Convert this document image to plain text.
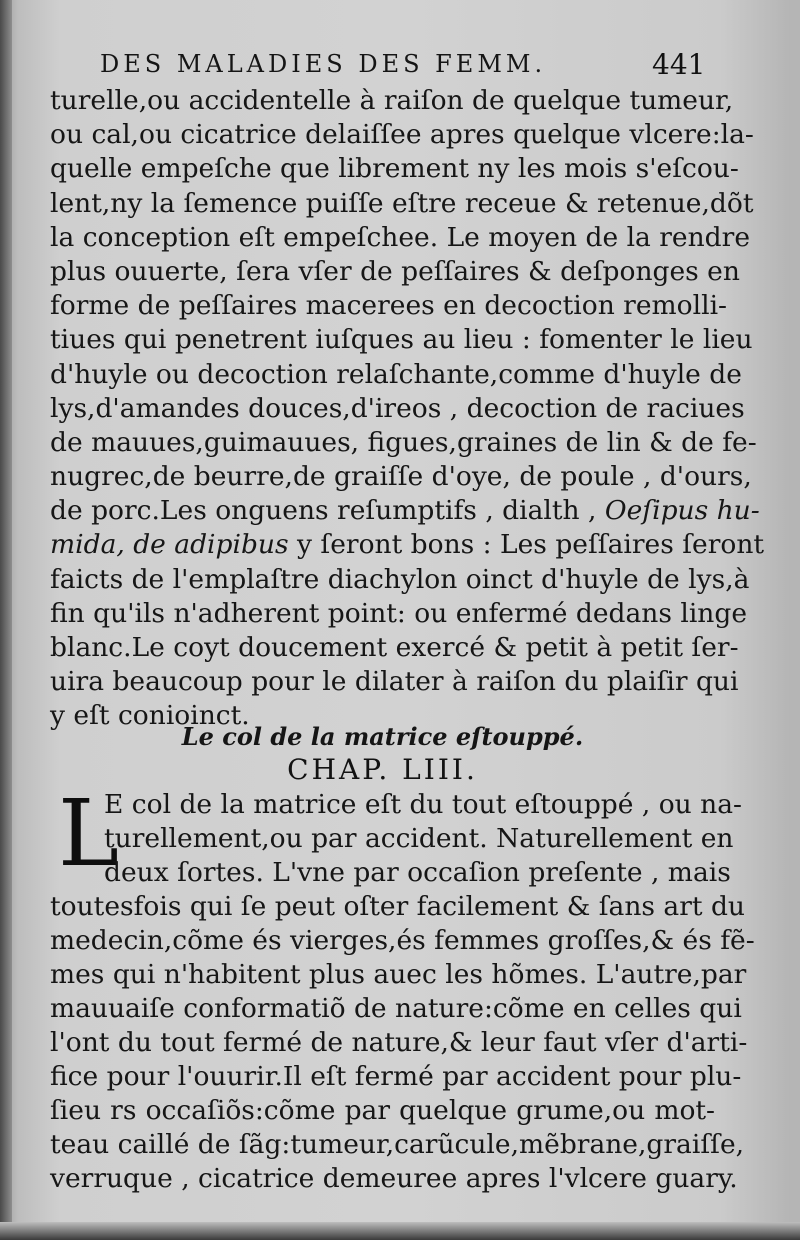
DES MALADIES DES FEMM.	441
turelle,ou accidentelle à raiſon de quelque tumeur,
ou cal,ou cicatrice delaiſſee apres quelque vlcere:la-
quelle empeſche que librement ny les mois s'eſcou-
lent,ny la ſemence puiſſe eſtre receue & retenue,dõt
la conception eſt empeſchee. Le moyen de la rendre
plus ouuerte, ſera vſer de peſſaires & deſponges en
forme de peſſaires macerees en decoction remolli-
tiues qui penetrent iuſques au lieu : fomenter le lieu
d'huyle ou decoction relaſchante,comme d'huyle de
lys,d'amandes douces,d'ireos , decoction de raciues
de mauues,guimauues, figues,graines de lin & de fe-
nugrec,de beurre,de graiſſe d'oye, de poule , d'ours,
de porc.Les onguens reſumptifs , dialth , Oeſipus hu-
mida, de adipibus y ſeront bons : Les peſſaires ſeront
faicts de l'emplaſtre diachylon oinct d'huyle de lys,à
fin qu'ils n'adherent point: ou enfermé dedans linge
blanc.Le coyt doucement exercé & petit à petit ſer-
uira beaucoup pour le dilater à raiſon du plaiſir qui
y eſt conioinct.
Le col de la matrice eſtouppé.
CHAP. LIII.
L
E col de la matrice eſt du tout eſtouppé , ou na-
turellement,ou par accident. Naturellement en
deux ſortes. L'vne par occaſion preſente , mais
toutesfois qui ſe peut oſter facilement & ſans art du
medecin,cõme és vierges,és femmes groſſes,& és fẽ-
mes qui n'habitent plus auec les hõmes. L'autre,par
mauuaiſe conformatiõ de nature:cõme en celles qui
l'ont du tout fermé de nature,& leur faut vſer d'arti-
fice pour l'ouurir.Il eſt fermé par accident pour plu-
ſieu rs occaſiõs:cõme par quelque grume,ou mot-
teau caillé de ſãg:tumeur,carũcule,mẽbrane,graiſſe,
verruque , cicatrice demeuree apres l'vlcere guary.
